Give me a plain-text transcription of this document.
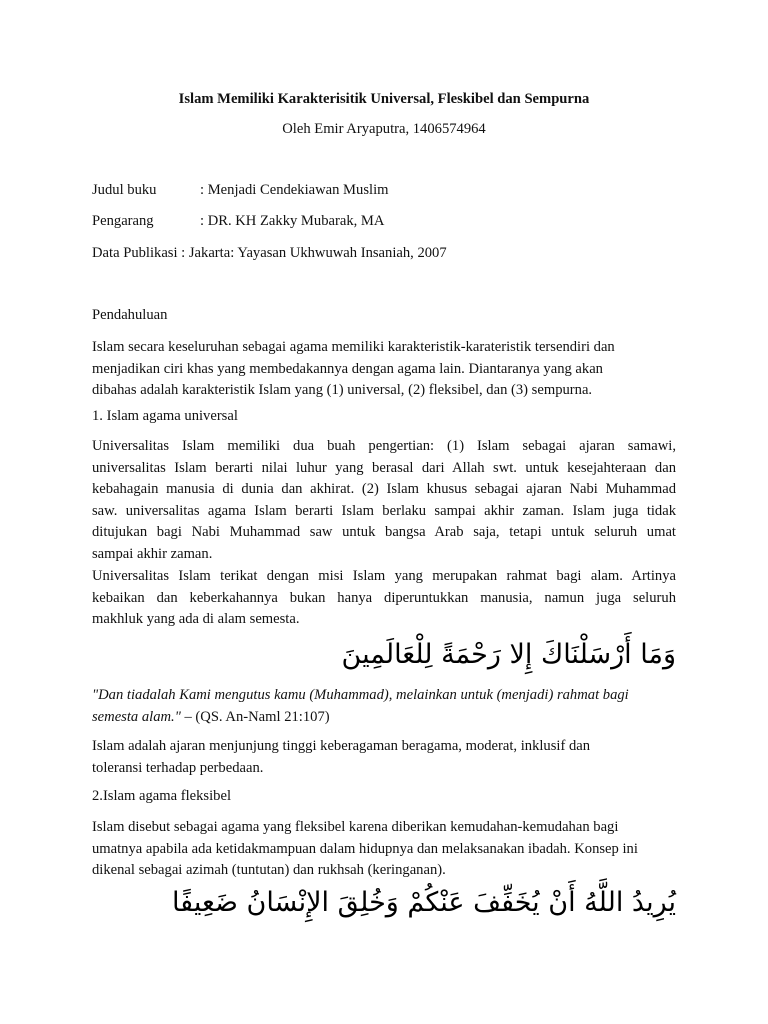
Islam Memiliki Karakterisitik Universal, Fleskibel dan Sempurna

Oleh Emir Aryaputra, 1406574964

Judul buku	: Menjadi Cendekiawan Muslim

Pengarang	: DR. KH Zakky Mubarak, MA

Data Publikasi : Jakarta: Yayasan Ukhwuwah Insaniah, 2007

Pendahuluan

Islam secara keseluruhan sebagai agama memiliki karakteristik-karateristik tersendiri dan
menjadikan ciri khas yang membedakannya dengan agama lain. Diantaranya yang akan
dibahas adalah karakteristik Islam yang (1) universal, (2) fleksibel, dan (3) sempurna.

1. Islam agama universal

Universalitas Islam memiliki dua buah pengertian: (1) Islam sebagai ajaran samawi,
universalitas Islam berarti nilai luhur yang berasal dari Allah swt. untuk kesejahteraan dan
kebahagain manusia di dunia dan akhirat. (2) Islam khusus sebagai ajaran Nabi Muhammad
saw. universalitas agama Islam berarti Islam berlaku sampai akhir zaman. Islam juga tidak
ditujukan bagi Nabi Muhammad saw untuk bangsa Arab saja, tetapi untuk seluruh umat
sampai akhir zaman.
Universalitas Islam terikat dengan misi Islam yang merupakan rahmat bagi alam. Artinya
kebaikan dan keberkahannya bukan hanya diperuntukkan manusia, namun juga seluruh
makhluk yang ada di alam semesta.

وَمَا أَرْسَلْنَاكَ إِلا رَحْمَةً لِلْعَالَمِينَ

"Dan tiadalah Kami mengutus kamu (Muhammad), melainkan untuk (menjadi) rahmat bagi
semesta alam." – (QS. An-Naml 21:107)
Islam adalah ajaran menjunjung tinggi keberagaman beragama, moderat, inklusif dan
toleransi terhadap perbedaan.

2.Islam agama fleksibel

Islam disebut sebagai agama yang fleksibel karena diberikan kemudahan-kemudahan bagi
umatnya apabila ada ketidakmampuan dalam hidupnya dan melaksanakan ibadah. Konsep ini
dikenal sebagai azimah (tuntutan) dan rukhsah (keringanan).

يُرِيدُ اللَّهُ أَنْ يُخَفِّفَ عَنْكُمْ وَخُلِقَ الإِنْسَانُ ضَعِيفًا
